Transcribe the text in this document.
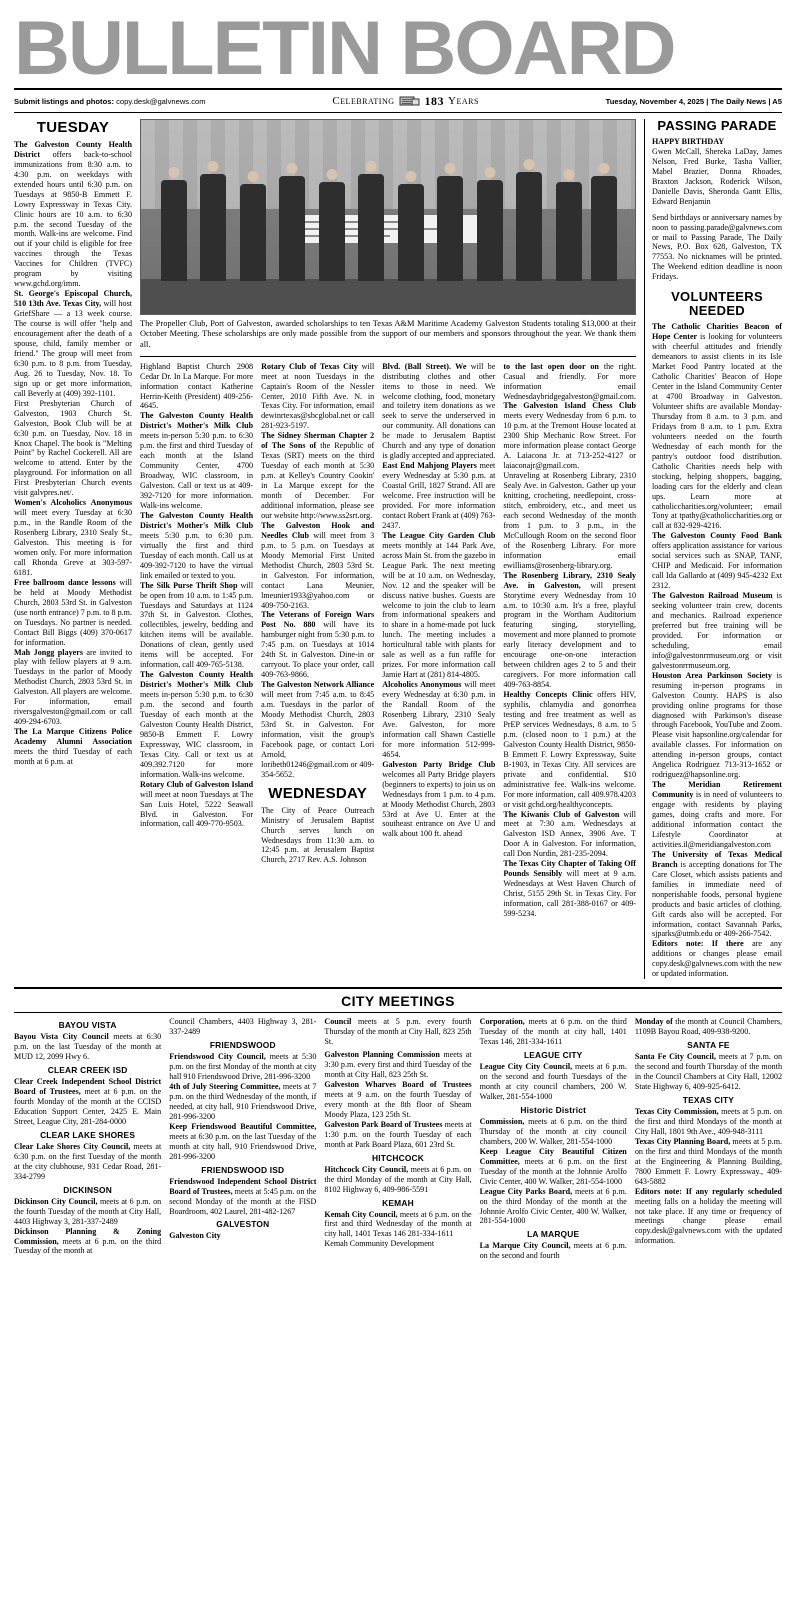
BULLETIN BOARD
Submit listings and photos: copy.desk@galvnews.com	Celebrating	183 Years	Tuesday, November 4, 2025 | The Daily News | A5
TUESDAY

The Galveston County Health District offers back-to-school immunizations from 8:30 a.m. to 4:30 p.m. on weekdays with extended hours until 6:30 p.m. on Tuesdays at 9850-B Emmett F. Lowry Expressway in Texas City. Clinic hours are 10 a.m. to 6:30 p.m. the second Tuesday of the month. Walk-ins are welcome. Find out if your child is eligible for free vaccines through the Texas Vaccines for Children (TVFC) program by visiting www.gchd.org/imm.

St. George's Episcopal Church, 510 13th Ave. Texas City, will host GriefShare — a 13 week course. The course is will offer "help and encouragement after the death of a spouse, child, family member or friend." The group will meet from 6:30 p.m. to 8 p.m. from Tuesday, Aug. 26 to Tuesday, Nov. 18. To sign up or get more information, call Beverly at (409) 392-1101.

First Presbyterian Church of Galveston, 1903 Church St. Galveston, Book Club will be at 6:30 p.m. on Tuesday, Nov. 18 in Knox Chapel. The book is "Melting Point" by Rachel Cockerell. All are welcome to attend. Enter by the playground. For information on all First Presbyterian Church events visit galvpres.net/.

Women's Alcoholics Anonymous will meet every Tuesday at 6:30 p.m., in the Randle Room of the Rosenberg Library, 2310 Sealy St., Galveston. This meeting is for women only. For more information call Rhonda Greve at 303-597-6181.

Free ballroom dance lessons will be held at Moody Methodist Church, 2803 53rd St. in Galveston (use north entrance) 7 p.m. to 8 p.m. on Tuesdays. No partner is needed. Contact Bill Biggs (409) 370-0617 for information.

Mah Jongg players are invited to play with fellow players at 9 a.m. Tuesdays in the parlor of Moody Methodist Church, 2803 53rd St. in Galveston. All players are welcome. For information, email riversgalveston@gmail.com or call 409-294-6703.

The La Marque Citizens Police Academy Alumni Association meets the third Tuesday of each month at 6 p.m. at

The Propeller Club, Port of Galveston, awarded scholarships to ten Texas A&M Maritime Academy Galveston Students totaling $13,000 at their October Meeting. These scholarships are only made possible from the support of our members and sponsors throughout the year. We thank them all.

Highland Baptist Church 2908 Cedar Dr. In La Marque. For more information contact Katherine Herrin-Keith (President) 409-256-4645.

The Galveston County Health District's Mother's Milk Club meets in-person 5:30 p.m. to 6:30 p.m. the first and third Tuesday of each month at the Island Community Center, 4700 Broadway, WIC classroom, in Galveston. Call or text us at 409-392-7120 for more information. Walk-ins welcome.

The Galveston County Health District's Mother's Milk Club meets 5:30 p.m. to 6:30 p.m. virtually the first and third Tuesday of each month. Call us at 409-392-7120 to have the virtual link emailed or texted to you.

The Silk Purse Thrift Shop will be open from 10 a.m. to 1:45 p.m. Tuesdays and Saturdays at 1124 37th St. in Galveston. Clothes, collectibles, jewelry, bedding and kitchen items will be available. Donations of clean, gently used items will be accepted. For information, call 409-765-5138.

The Galveston County Health District's Mother's Milk Club meets in-person 5:30 p.m. to 6:30 p.m. the second and fourth Tuesday of each month at the Galveston County Health District, 9850-B Emmett F. Lowry Expressway, WIC classroom, in Texas City. Call or text us at 409.392.7120 for more information. Walk-ins welcome.

Rotary Club of Galveston Island will meet at noon Tuesdays at The San Luis Hotel, 5222 Seawall Blvd. in Galveston. For information, call 409-770-9503.

Rotary Club of Texas City will meet at noon Tuesdays in the Captain's Room of the Nessler Center, 2010 Fifth Ave. N. in Texas City. For information, email dewinrtexas@sbcglobal.net or call 281-923-5197.

The Sidney Sherman Chapter 2 of The Sons of the Republic of Texas (SRT) meets on the third Tuesday of each month at 5:30 p.m. at Kelley's Country Cookin' in La Marque except for the month of December. For additional information, please see our website http://www.ss2srt.org.

The Galveston Hook and Needles Club will meet from 3 p.m. to 5 p.m. on Tuesdays at Moody Memorial First United Methodist Church, 2803 53rd St. in Galveston. For information, contact Lana Meunier, lmeunier1933@yahoo.com or 409-750-2163.

The Veterans of Foreign Wars Post No. 880 will have its hamburger night from 5:30 p.m. to 7:45 p.m. on Tuesdays at 1014 24th St. in Galveston. Dine-in or carryout. To place your order, call 409-763-9866.

The Galveston Network Alliance will meet from 7:45 a.m. to 8:45 a.m. Tuesdays in the parlor of Moody Methodist Church, 2803 53rd St. in Galveston. For information, visit the group's Facebook page, or contact Lori Arnold, loribeth01246@gmail.com or 409-354-5652.

WEDNESDAY

The City of Peace Outreach Ministry of Jerusalem Baptist Church serves lunch on Wednesdays from 11:30 a.m. to 12:45 p.m. at Jerusalem Baptist Church, 2717 Rev. A.S. Johnson

Blvd. (Ball Street). We will be distributing clothes and other items to those in need. We welcome clothing, food, monetary and toiletry item donations as we seek to serve the underserved in our community. All donations can be made to Jerusalem Baptist Church and any type of donation is gladly accepted and appreciated.

East End Mahjong Players meet every Wednesday at 5:30 p.m. at Coastal Grill, 1827 Strand. All are welcome. Free instruction will be provided. For more information contact Robert Frank at (409) 763-2437.

The League City Garden Club meets monthly at 144 Park Ave, across Main St. from the gazebo in League Park. The next meeting will be at 10 a.m. on Wednesday, Nov. 12 and the speaker will be discuss native bushes. Guests are welcome to join the club to learn from informational speakers and to share in a home-made pot luck lunch. The meeting includes a horticultural table with plants for sale as well as a fun raffle for prizes. For more information call Jamie Hart at (281) 814-4805.

Alcoholics Anonymous will meet every Wednesday at 6:30 p.m. in the Randall Room of the Rosenberg Library, 2310 Sealy Ave. Galveston, for more information call Shawn Castielle for more information 512-999-4654.

Galveston Party Bridge Club welcomes all Party Bridge players (beginners to experts) to join us on Wednesdays from 1 p.m. to 4 p.m. at Moody Methodist Church, 2803 53rd at Ave U. Enter at the southeast entrance on Ave U and walk about 100 ft. ahead

to the last open door on the right. Casual and friendly. For more information email Wednesdaybridgegalveston@gmail.com.

The Galveston Island Chess Club meets every Wednesday from 6 p.m. to 10 p.m. at the Tremont House located at 2300 Ship Mechanic Row Street. For more information please contact George A. Laiacona Jr. at 713-252-4127 or laiaconajr@gmail.com.

Unraveling at Rosenberg Library, 2310 Sealy Ave. in Galveston. Gather up your knitting, crocheting, needlepoint, cross-stitch, embroidery, etc., and meet us each second Wednesday of the month from 1 p.m. to 3 p.m., in the McCullough Room on the second floor of the Rosenberg Library. For more information email ewilliams@rosenberg-library.org.

The Rosenberg Library, 2310 Sealy Ave. in Galveston, will present Storytime every Wednesday from 10 a.m. to 10:30 a.m. It's a free, playful program in the Wortham Auditorium featuring singing, storytelling, movement and more planned to promote early literacy development and to encourage one-on-one interaction between children ages 2 to 5 and their caregivers. For more information call 409-763-8854.

Healthy Concepts Clinic offers HIV, syphilis, chlamydia and gonorrhea testing and free treatment as well as PrEP services Wednesdays, 8 a.m. to 5 p.m. (closed noon to 1 p.m.) at the Galveston County Health District, 9850-B Emmett F. Lowry Expressway, Suite B-1903, in Texas City. All services are private and confidential. $10 administrative fee. Walk-ins welcome. For more information, call 409.978.4203 or visit gchd.org/healthyconcepts.

The Kiwanis Club of Galveston will meet at 7:30 a.m. Wednesdays at Galveston ISD Annex, 3906 Ave. T Door A in Galveston. For information, call Don Nurdin, 281-235-2094.

The Texas City Chapter of Taking Off Pounds Sensibly will meet at 9 a.m. Wednesdays at West Haven Church of Christ, 5155 29th St. in Texas City. For information, call 281-388-0167 or 409-599-5234.

PASSING PARADE

HAPPY BIRTHDAY

Gwen McCall, Shereka LaDay, James Nelson, Fred Burke, Tasha Vallier, Mabel Brazier, Donna Rhoades, Braxton Jackson, Roderick Wilson, Danielle Davis, Sheronda Gantt Ellis, Edward Benjamin

Send birthdays or anniversary names by noon to passing.parade@galvnews.com or mail to Passing Parade, The Daily News, P.O. Box 628, Galveston, TX 77553. No nicknames will be printed. The Weekend edition deadline is noon Fridays.

VOLUNTEERS NEEDED

The Catholic Charities Beacon of Hope Center is looking for volunteers with cheerful attitudes and friendly demeanors to assist clients in its Isle Market Food Pantry located at the Catholic Charities' Beacon of Hope Center in the Island Community Center at 4700 Broadway in Galveston. Volunteer shifts are available Monday-Thursday from 8 a.m. to 3 p.m. and Fridays from 8 a.m. to 1 p.m. Extra volunteers needed on the fourth Wednesday of each month for the pantry's outdoor food distribution. Catholic Charities needs help with stocking, helping shoppers, bagging, loading cars for the elderly and clean ups. Learn more at catholiccharities.org/volunteer; email Tony at tpathy@catholiccharities.org or call at 832-929-4216.

The Galveston County Food Bank offers application assistance for various social services such as SNAP, TANF, CHIP and Medicaid. For information call Ida Gallardo at (409) 945-4232 Ext 2312.

The Galveston Railroad Museum is seeking volunteer train crew, docents and mechanics. Railroad experience preferred but free training will be provided. For information or scheduling, email info@galvestonrrmuseum.org or visit galvestonrrmuseum.org.

Houston Area Parkinson Society is resuming in-person programs in Galveston County. HAPS is also providing online programs for those diagnosed with Parkinson's disease through Facebook, YouTube and Zoom. Please visit hapsonline.org/calendar for available classes. For information on attending in-person groups, contact Angelica Rodriguez 713-313-1652 or rodriguez@hapsonline.org.

The Meridian Retirement Community is in need of volunteers to engage with residents by playing games, doing crafts and more. For additional information contact the Lifestyle Coordinator at activities.il@meridiangalveston.com

The University of Texas Medical Branch is accepting donations for The Care Closet, which assists patients and families in immediate need of nonperishable foods, personal hygiene products and basic articles of clothing. Gift cards also will be accepted. For information, contact Savannah Parks, sjparks@utmb.edu or 409-266-7542.

Editors note: If there are any additions or changes please email copy.desk@galvnews.com with the new or updated information.

CITY MEETINGS
BAYOU VISTA

Bayou Vista City Council meets at 6:30 p.m. on the last Tuesday of the month at MUD 12, 2099 Hwy 6.

CLEAR CREEK ISD

Clear Creek Independent School District Board of Trustees, meet at 6 p.m. on the fourth Monday of the month at the CCISD Education Support Center, 2425 E. Main Street, League City, 281-284-0000

CLEAR LAKE SHORES

Clear Lake Shores City Council, meets at 6:30 p.m. on the first Tuesday of the month at the city clubhouse, 931 Cedar Road, 281-334-2799

DICKINSON

Dickinson City Council, meets at 6 p.m. on the fourth Tuesday of the month at City Hall, 4403 Highway 3, 281-337-2489

Dickinson Planning & Zoning Commission, meets at 6 p.m. on the third Tuesday of the month at

Council Chambers, 4403 Highway 3, 281-337-2489

FRIENDSWOOD

Friendswood City Council, meets at 5:30 p.m. on the first Monday of the month at city hall 910 Friendswood Drive, 281-996-3200

4th of July Steering Committee, meets at 7 p.m. on the third Wednesday of the month, if needed, at city hall, 910 Friendswood Drive, 281-996-3200

Keep Friendswood Beautiful Committee, meets at 6:30 p.m. on the last Tuesday of the month at city hall, 910 Friendswood Drive, 281-996-3200

FRIENDSWOOD ISD

Friendswood Independent School District Board of Trustees, meets at 5:45 p.m. on the second Monday of the month at the FISD Boardroom, 402 Laurel, 281-482-1267

GALVESTON

Galveston City

Council meets at 5 p.m. every fourth Thursday of the month at City Hall, 823 25th St.

Galveston Planning Commission meets at 3:30 p.m. every first and third Tuesday of the month at City Hall, 823 25th St.

Galveston Wharves Board of Trustees meets at 9 a.m. on the fourth Tuesday of every month at the 8th floor of Sheam Moody Plaza, 123 25th St.

Galveston Park Board of Trustees meets at 1:30 p.m. on the fourth Tuesday of each month at Park Board Plaza, 601 23rd St.

HITCHCOCK

Hitchcock City Council, meets at 6 p.m. on the third Monday of the month at City Hall, 8102 Highway 6, 409-986-5591

KEMAH

Kemah City Council, meets at 6 p.m. on the first and third Wednesday of the month at city hall, 1401 Texas 146 281-334-1611

Kemah Community Development

Corporation, meets at 6 p.m. on the third Tuesday of the month at city hall, 1401 Texas 146, 281-334-1611

LEAGUE CITY

League City City Council, meets at 6 p.m. on the second and fourth Tuesdays of the month at city council chambers, 200 W. Walker, 281-554-1000

Historic District

Commission, meets at 6 p.m. on the third Thursday of the month at city council chambers, 200 W. Walker, 281-554-1000

Keep League City Beautiful Citizen Committee, meets at 6 p.m. on the first Tuesday of the month at the Johnnie Arolfo Civic Center, 400 W. Walker, 281-554-1000

League City Parks Board, meets at 6 p.m. on the third Monday of the month at the Johnnie Arolfo Civic Center, 400 W. Walker, 281-554-1000

LA MARQUE

La Marque City Council, meets at 6 p.m. on the second and fourth

Monday of the month at Council Chambers, 1109B Bayou Road, 409-938-9200.

SANTA FE

Santa Fe City Council, meets at 7 p.m. on the second and fourth Thursday of the month in the Council Chambers at City Hall, 12002 State Highway 6, 409-925-6412.

TEXAS CITY

Texas City Commission, meets at 5 p.m. on the first and third Mondays of the month at City Hall, 1801 9th Ave., 409-948-3111

Texas City Planning Board, meets at 5 p.m. on the first and third Mondays of the month at the Engineering & Planning Building, 7800 Emmett F. Lowry Expressway., 409-643-5882

Editors note: If any regularly scheduled meeting falls on a holiday the meeting will not take place. If any time or frequency of meetings change please email copy.desk@galvnews.com with the updated information.
